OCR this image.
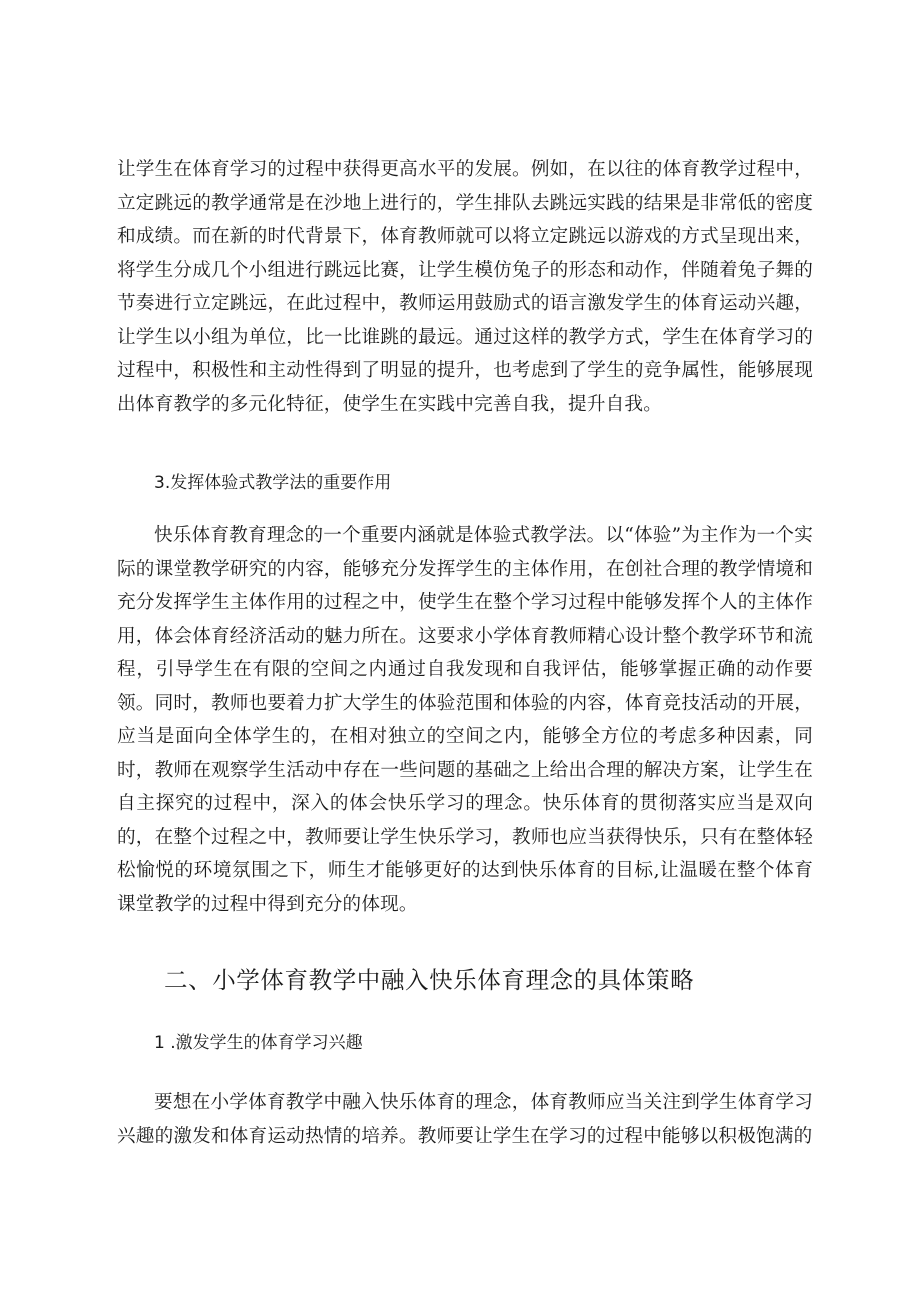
让学生在体育学习的过程中获得更高水平的发展。例如，在以往的体育教学过程中，立定跳远的教学通常是在沙地上进行的，学生排队去跳远实践的结果是非常低的密度和成绩。而在新的时代背景下，体育教师就可以将立定跳远以游戏的方式呈现出来，将学生分成几个小组进行跳远比赛，让学生模仿兔子的形态和动作，伴随着兔子舞的节奏进行立定跳远，在此过程中，教师运用鼓励式的语言激发学生的体育运动兴趣，让学生以小组为单位，比一比谁跳的最远。通过这样的教学方式，学生在体育学习的过程中，积极性和主动性得到了明显的提升，也考虑到了学生的竞争属性，能够展现出体育教学的多元化特征，使学生在实践中完善自我，提升自我。

3.发挥体验式教学法的重要作用

快乐体育教育理念的一个重要内涵就是体验式教学法。以“体验”为主作为一个实际的课堂教学研究的内容，能够充分发挥学生的主体作用，在创社合理的教学情境和充分发挥学生主体作用的过程之中，使学生在整个学习过程中能够发挥个人的主体作用，体会体育经济活动的魅力所在。这要求小学体育教师精心设计整个教学环节和流程，引导学生在有限的空间之内通过自我发现和自我评估，能够掌握正确的动作要领。同时，教师也要着力扩大学生的体验范围和体验的内容，体育竞技活动的开展，应当是面向全体学生的，在相对独立的空间之内，能够全方位的考虑多种因素，同时，教师在观察学生活动中存在一些问题的基础之上给出合理的解决方案，让学生在自主探究的过程中，深入的体会快乐学习的理念。快乐体育的贯彻落实应当是双向的，在整个过程之中，教师要让学生快乐学习，教师也应当获得快乐，只有在整体轻松愉悦的环境氛围之下，师生才能够更好的达到快乐体育的目标,让温暖在整个体育课堂教学的过程中得到充分的体现。

二、小学体育教学中融入快乐体育理念的具体策略
1 .激发学生的体育学习兴趣

要想在小学体育教学中融入快乐体育的理念，体育教师应当关注到学生体育学习兴趣的激发和体育运动热情的培养。教师要让学生在学习的过程中能够以积极饱满的
